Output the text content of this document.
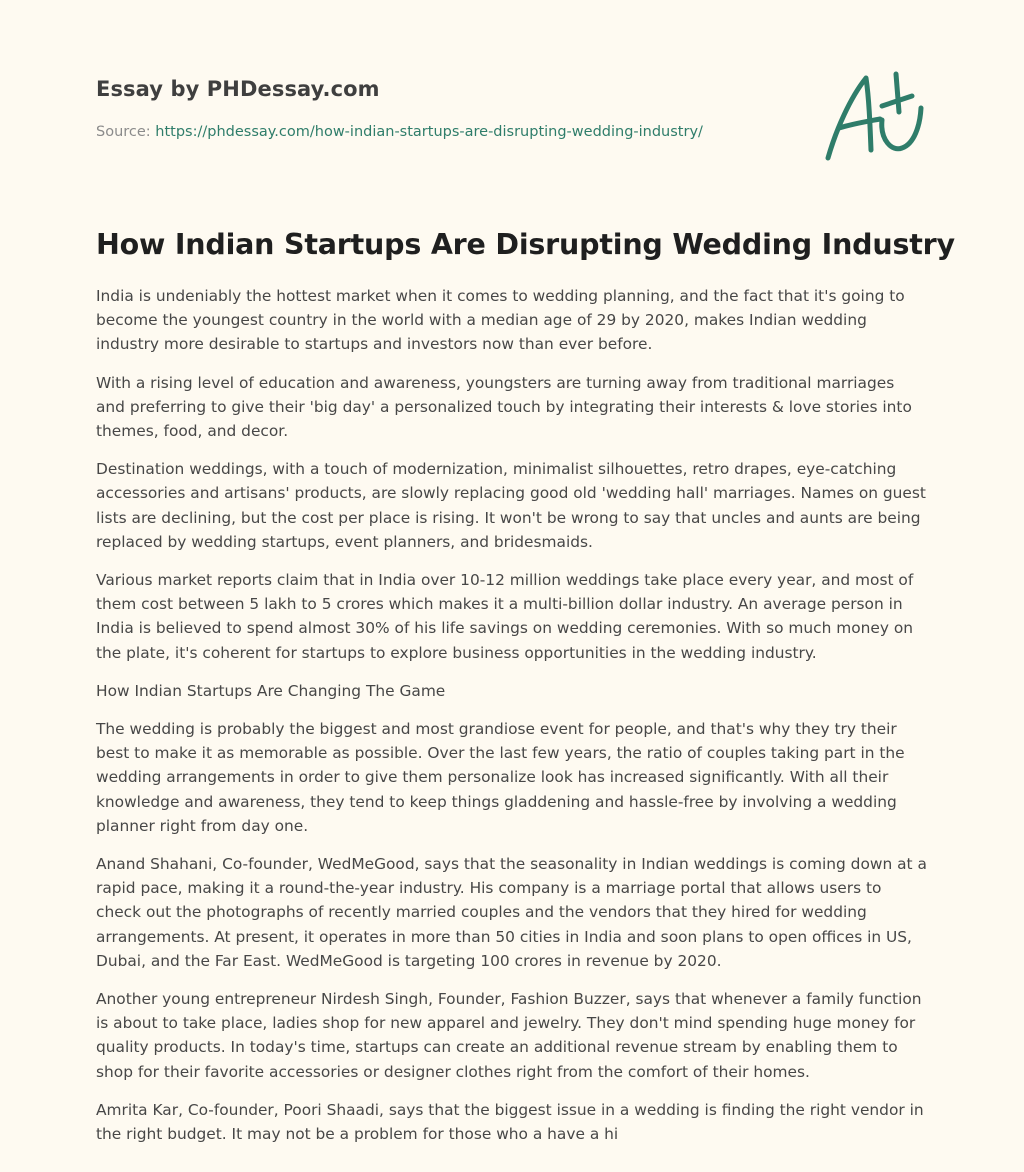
Essay by PHDessay.com
Source: https://phdessay.com/how-indian-startups-are-disrupting-wedding-industry/
How Indian Startups Are Disrupting Wedding Industry

India is undeniably the hottest market when it comes to wedding planning, and the fact that it's going to become the youngest country in the world with a median age of 29 by 2020, makes Indian wedding industry more desirable to startups and investors now than ever before.

With a rising level of education and awareness, youngsters are turning away from traditional marriages and preferring to give their 'big day' a personalized touch by integrating their interests & love stories into themes, food, and decor.

Destination weddings, with a touch of modernization, minimalist silhouettes, retro drapes, eye-catching accessories and artisans' products, are slowly replacing good old 'wedding hall' marriages. Names on guest lists are declining, but the cost per place is rising. It won't be wrong to say that uncles and aunts are being replaced by wedding startups, event planners, and bridesmaids.

Various market reports claim that in India over 10-12 million weddings take place every year, and most of them cost between 5 lakh to 5 crores which makes it a multi-billion dollar industry. An average person in India is believed to spend almost 30% of his life savings on wedding ceremonies. With so much money on the plate, it's coherent for startups to explore business opportunities in the wedding industry.

How Indian Startups Are Changing The Game

The wedding is probably the biggest and most grandiose event for people, and that's why they try their best to make it as memorable as possible. Over the last few years, the ratio of couples taking part in the wedding arrangements in order to give them personalize look has increased significantly. With all their knowledge and awareness, they tend to keep things gladdening and hassle-free by involving a wedding planner right from day one.

Anand Shahani, Co-founder, WedMeGood, says that the seasonality in Indian weddings is coming down at a rapid pace, making it a round-the-year industry. His company is a marriage portal that allows users to check out the photographs of recently married couples and the vendors that they hired for wedding arrangements. At present, it operates in more than 50 cities in India and soon plans to open offices in US, Dubai, and the Far East. WedMeGood is targeting 100 crores in revenue by 2020.

Another young entrepreneur Nirdesh Singh, Founder, Fashion Buzzer, says that whenever a family function is about to take place, ladies shop for new apparel and jewelry. They don't mind spending huge money for quality products. In today's time, startups can create an additional revenue stream by enabling them to shop for their favorite accessories or designer clothes right from the comfort of their homes.

Amrita Kar, Co-founder, Poori Shaadi, says that the biggest issue in a wedding is finding the right vendor in the right budget. It may not be a problem for those who a have a hi
